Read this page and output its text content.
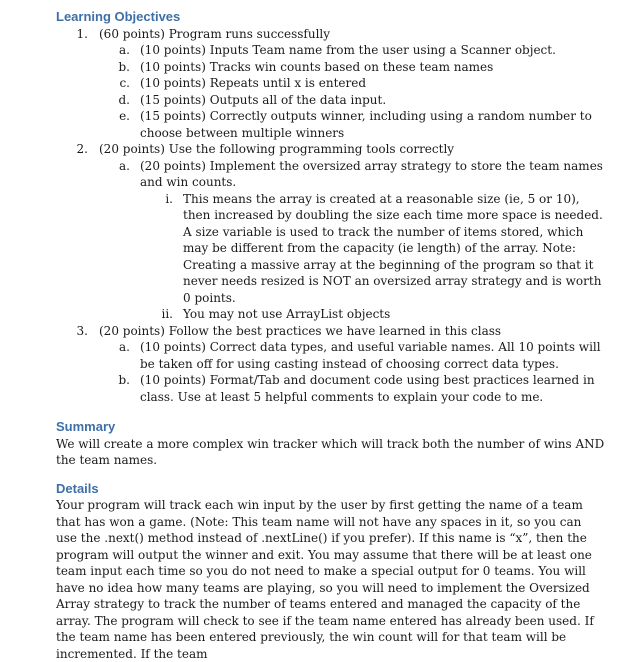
Learning Objectives
1. (60 points) Program runs successfully
a. (10 points) Inputs Team name from the user using a Scanner object.
b. (10 points) Tracks win counts based on these team names
c. (10 points) Repeats until x is entered
d. (15 points) Outputs all of the data input.
e. (15 points) Correctly outputs winner, including using a random number to choose between multiple winners
2. (20 points) Use the following programming tools correctly
a. (20 points) Implement the oversized array strategy to store the team names and win counts.
i. This means the array is created at a reasonable size (ie, 5 or 10), then increased by doubling the size each time more space is needed. A size variable is used to track the number of items stored, which may be different from the capacity (ie length) of the array. Note: Creating a massive array at the beginning of the program so that it never needs resized is NOT an oversized array strategy and is worth 0 points.
ii. You may not use ArrayList objects
3. (20 points) Follow the best practices we have learned in this class
a. (10 points) Correct data types, and useful variable names. All 10 points will be taken off for using casting instead of choosing correct data types.
b. (10 points) Format/Tab and document code using best practices learned in class. Use at least 5 helpful comments to explain your code to me.
Summary

We will create a more complex win tracker which will track both the number of wins AND the team names.

Details

Your program will track each win input by the user by first getting the name of a team that has won a game. (Note: This team name will not have any spaces in it, so you can use the .next() method instead of .nextLine() if you prefer). If this name is “x”, then the program will output the winner and exit. You may assume that there will be at least one team input each time so you do not need to make a special output for 0 teams. You will have no idea how many teams are playing, so you will need to implement the Oversized Array strategy to track the number of teams entered and managed the capacity of the array. The program will check to see if the team name entered has already been used. If the team name has been entered previously, the win count will for that team will be incremented. If the team
